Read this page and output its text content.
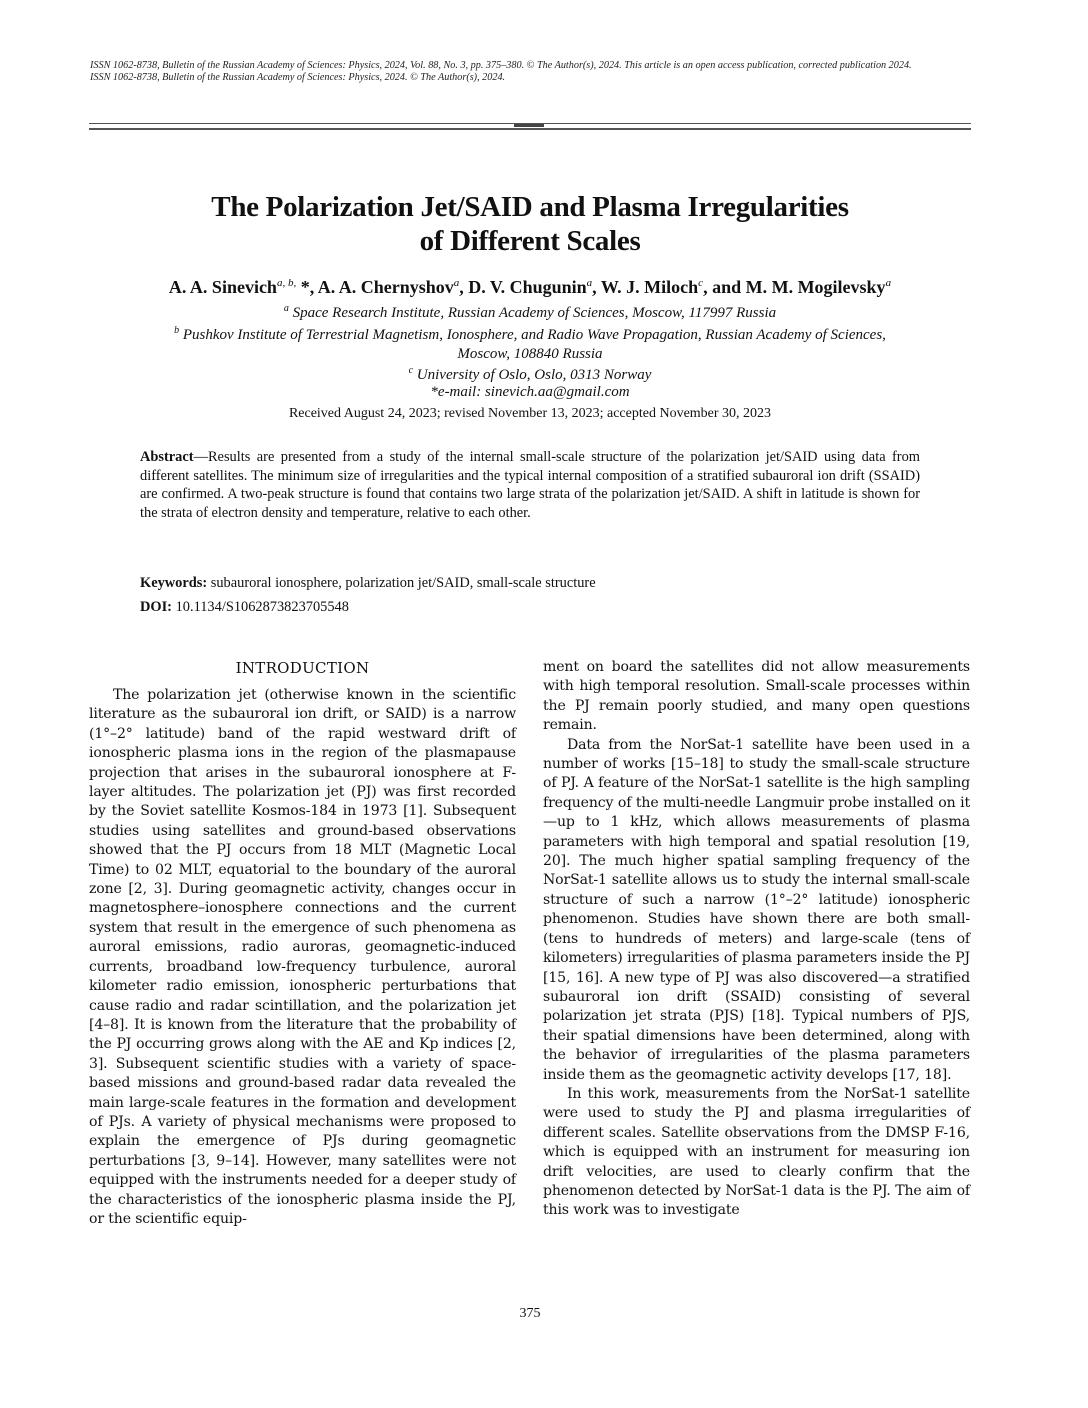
ISSN 1062-8738, Bulletin of the Russian Academy of Sciences: Physics, 2024, Vol. 88, No. 3, pp. 375–380. © The Author(s), 2024. This article is an open access publication, corrected publication 2024.
ISSN 1062-8738, Bulletin of the Russian Academy of Sciences: Physics, 2024. © The Author(s), 2024.
The Polarization Jet/SAID and Plasma Irregularities
of Different Scales
A. A. Sinevich$^{a, b,}$ *, A. A. Chernyshov$^a$, D. V. Chugunin$^a$, W. J. Miloch$^c$, and M. M. Mogilevsky$^a$
$^a$ Space Research Institute, Russian Academy of Sciences, Moscow, 117997 Russia
$^b$ Pushkov Institute of Terrestrial Magnetism, Ionosphere, and Radio Wave Propagation, Russian Academy of Sciences,
Moscow, 108840 Russia
$^c$ University of Oslo, Oslo, 0313 Norway
*e-mail: sinevich.aa@gmail.com
Received August 24, 2023; revised November 13, 2023; accepted November 30, 2023
Abstract—Results are presented from a study of the internal small-scale structure of the polarization jet/SAID using data from different satellites. The minimum size of irregularities and the typical internal composition of a stratified subauroral ion drift (SSAID) are confirmed. A two-peak structure is found that contains two large strata of the polarization jet/SAID. A shift in latitude is shown for the strata of electron density and temperature, relative to each other.
Keywords: subauroral ionosphere, polarization jet/SAID, small-scale structure
DOI: 10.1134/S1062873823705548
INTRODUCTION

The polarization jet (otherwise known in the scientific literature as the subauroral ion drift, or SAID) is a narrow (1°–2° latitude) band of the rapid westward drift of ionospheric plasma ions in the region of the plasmapause projection that arises in the subauroral ionosphere at F-layer altitudes. The polarization jet (PJ) was first recorded by the Soviet satellite Kosmos-184 in 1973 [1]. Subsequent studies using satellites and ground-based observations showed that the PJ occurs from 18 MLT (Magnetic Local Time) to 02 MLT, equatorial to the boundary of the auroral zone [2, 3]. During geomagnetic activity, changes occur in magnetosphere–ionosphere connections and the current system that result in the emergence of such phenomena as auroral emissions, radio auroras, geomagnetic-induced currents, broadband low-frequency turbulence, auroral kilometer radio emission, ionospheric perturbations that cause radio and radar scintillation, and the polarization jet [4–8]. It is known from the literature that the probability of the PJ occurring grows along with the AE and Kp indices [2, 3]. Subsequent scientific studies with a variety of space-based missions and ground-based radar data revealed the main large-scale features in the formation and development of PJs. A variety of physical mechanisms were proposed to explain the emergence of PJs during geomagnetic perturbations [3, 9–14]. However, many satellites were not equipped with the instruments needed for a deeper study of the characteristics of the ionospheric plasma inside the PJ, or the scientific equip-

ment on board the satellites did not allow measurements with high temporal resolution. Small-scale processes within the PJ remain poorly studied, and many open questions remain.

Data from the NorSat-1 satellite have been used in a number of works [15–18] to study the small-scale structure of PJ. A feature of the NorSat-1 satellite is the high sampling frequency of the multi-needle Langmuir probe installed on it—up to 1 kHz, which allows measurements of plasma parameters with high temporal and spatial resolution [19, 20]. The much higher spatial sampling frequency of the NorSat-1 satellite allows us to study the internal small-scale structure of such a narrow (1°–2° latitude) ionospheric phenomenon. Studies have shown there are both small- (tens to hundreds of meters) and large-scale (tens of kilometers) irregularities of plasma parameters inside the PJ [15, 16]. A new type of PJ was also discovered—a stratified subauroral ion drift (SSAID) consisting of several polarization jet strata (PJS) [18]. Typical numbers of PJS, their spatial dimensions have been determined, along with the behavior of irregularities of the plasma parameters inside them as the geomagnetic activity develops [17, 18].

In this work, measurements from the NorSat-1 satellite were used to study the PJ and plasma irregularities of different scales. Satellite observations from the DMSP F-16, which is equipped with an instrument for measuring ion drift velocities, are used to clearly confirm that the phenomenon detected by NorSat-1 data is the PJ. The aim of this work was to investigate

375
